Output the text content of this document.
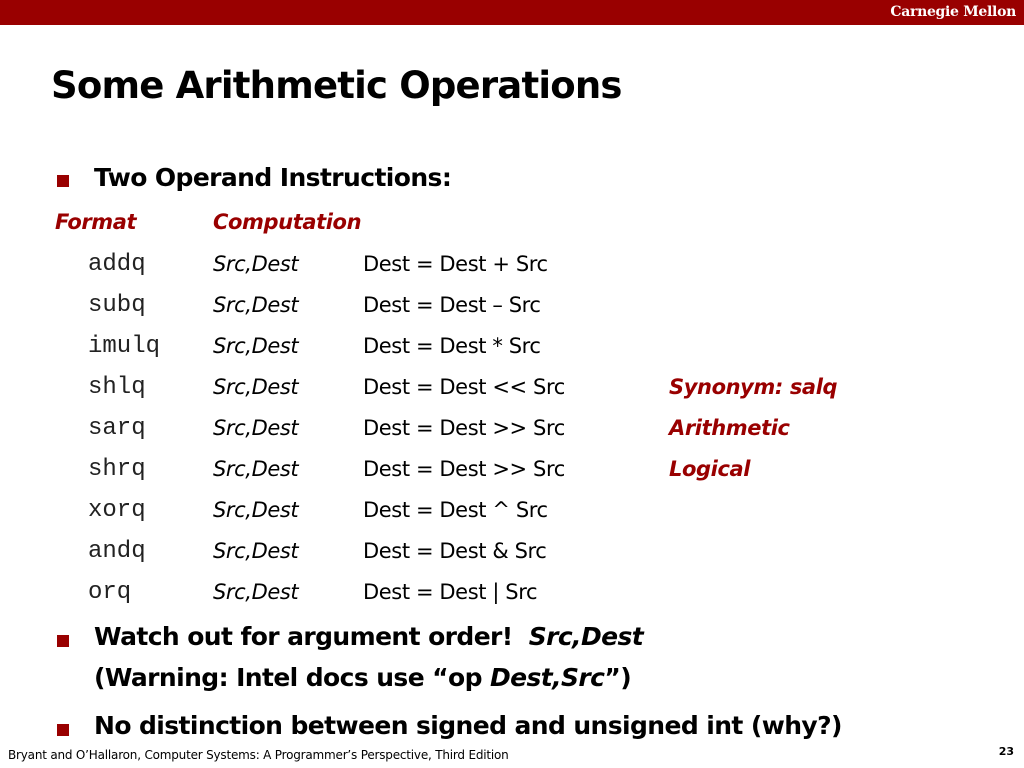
Carnegie Mellon
Some Arithmetic Operations
Two Operand Instructions:
Format	Computation
addq	Src,Dest	Dest = Dest + Src
subq	Src,Dest	Dest = Dest – Src
imulq	Src,Dest	Dest = Dest * Src
shlq	Src,Dest	Dest = Dest << Src	Synonym: salq
sarq	Src,Dest	Dest = Dest >> Src	Arithmetic
shrq	Src,Dest	Dest = Dest >> Src	Logical
xorq	Src,Dest	Dest = Dest ^ Src
andq	Src,Dest	Dest = Dest & Src
orq	Src,Dest	Dest = Dest | Src
Watch out for argument order! Src,Dest
(Warning: Intel docs use “op Dest,Src”)
No distinction between signed and unsigned int (why?)
Bryant and O’Hallaron, Computer Systems: A Programmer’s Perspective, Third Edition	23
